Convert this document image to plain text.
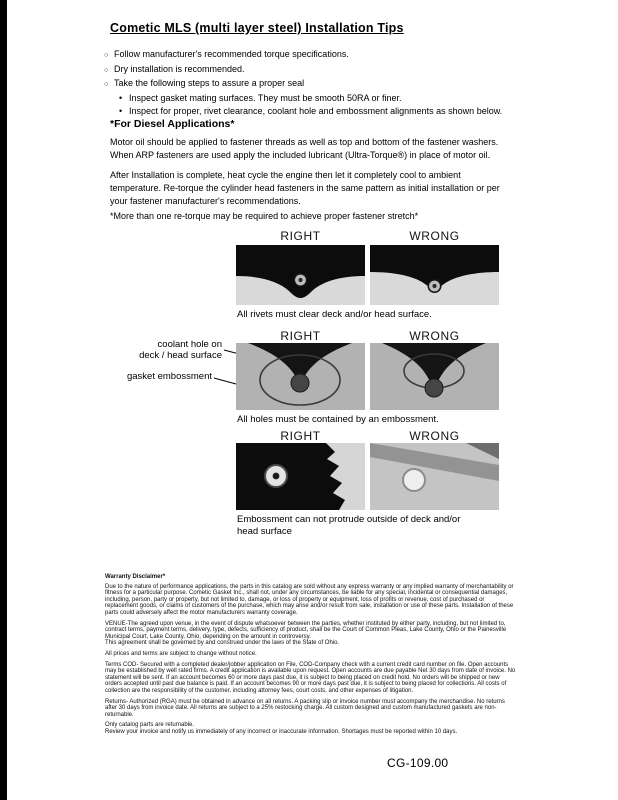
Cometic MLS (multi layer steel) Installation Tips
○ Follow manufacturer's recommended torque specifications.
○ Dry installation is recommended.
○ Take the following steps to assure a proper seal
• Inspect gasket mating surfaces. They must be smooth 50RA or finer.
• Inspect for proper, rivet clearance, coolant hole and embossment alignments as shown below.
*For Diesel Applications*

Motor oil should be applied to fastener threads as well as top and bottom of the fastener washers. When ARP fasteners are used apply the included lubricant (Ultra-Torque®) in place of motor oil.

After Installation is complete, heat cycle the engine then let it completely cool to ambient temperature. Re-torque the cylinder head fasteners in the same pattern as initial installation or per your fastener manufacturer's recommendations.

*More than one re-torque may be required to achieve proper fastener stretch*

RIGHT	WRONG
All rivets must clear deck and/or head surface.
RIGHT	WRONG
coolant hole on
deck / head surface
gasket embossment
All holes must be contained by an embossment.
RIGHT	WRONG
Embossment can not protrude outside of deck and/or head surface
Warranty Disclaimer*

Due to the nature of performance applications, the parts in this catalog are sold without any express warranty or any implied warranty of merchantability or fitness for a particular purpose. Cometic Gasket Inc., shall not, under any circumstances, be liable for any special, incidental or consequential damages, including, person, party or property, but not limited to, damage, or loss of property or equipment, loss of profits or revenue, cost of purchased or replacement goods, or claims of customers of the purchase, which may arise and/or result from sale, installation or use of these parts. Installation of these parts could adversely affect the motor manufacturers warranty coverage.

VENUE-The agreed upon venue, in the event of dispute whatsoever between the parties, whether instituted by either party, including, but not limited to, contract terms, payment terms, delivery, type, defects, sufficiency of product, shall be the Court of Common Pleas, Lake County, Ohio or the Painesville Municipal Court, Lake County, Ohio, depending on the amount in controversy.

This agreement shall be governed by and construed under the laws of the State of Ohio.

All prices and terms are subject to change without notice.

Terms COD- Secured with a completed dealer/jobber application on File, COD-Company check with a current credit card number on file. Open accounts may be established by well rated firms. A credit application is available upon request. Open accounts are due payable Net 30 days from date of invoice. No statement will be sent. If an account becomes 60 or more days past due, it is subject to being placed on credit hold. No orders will be shipped or new orders accepted until past due balance is paid. If an account becomes 90 or more days past due, it is subject to being placed for collections. All costs of collection are the responsibility of the customer, including attorney fees, court costs, and other expenses of litigation.

Returns- Authorized (RGA) must be obtained in advance on all returns. A packing slip or invoice number must accompany the merchandise. No returns after 30 days from invoice date. All returns are subject to a 25% restocking charge. All custom designed and custom manufactured gaskets are non-returnable.

Only catalog parts are returnable.

Review your invoice and notify us immediately of any incorrect or inaccurate information. Shortages must be reported within 10 days.

CG-109.00
